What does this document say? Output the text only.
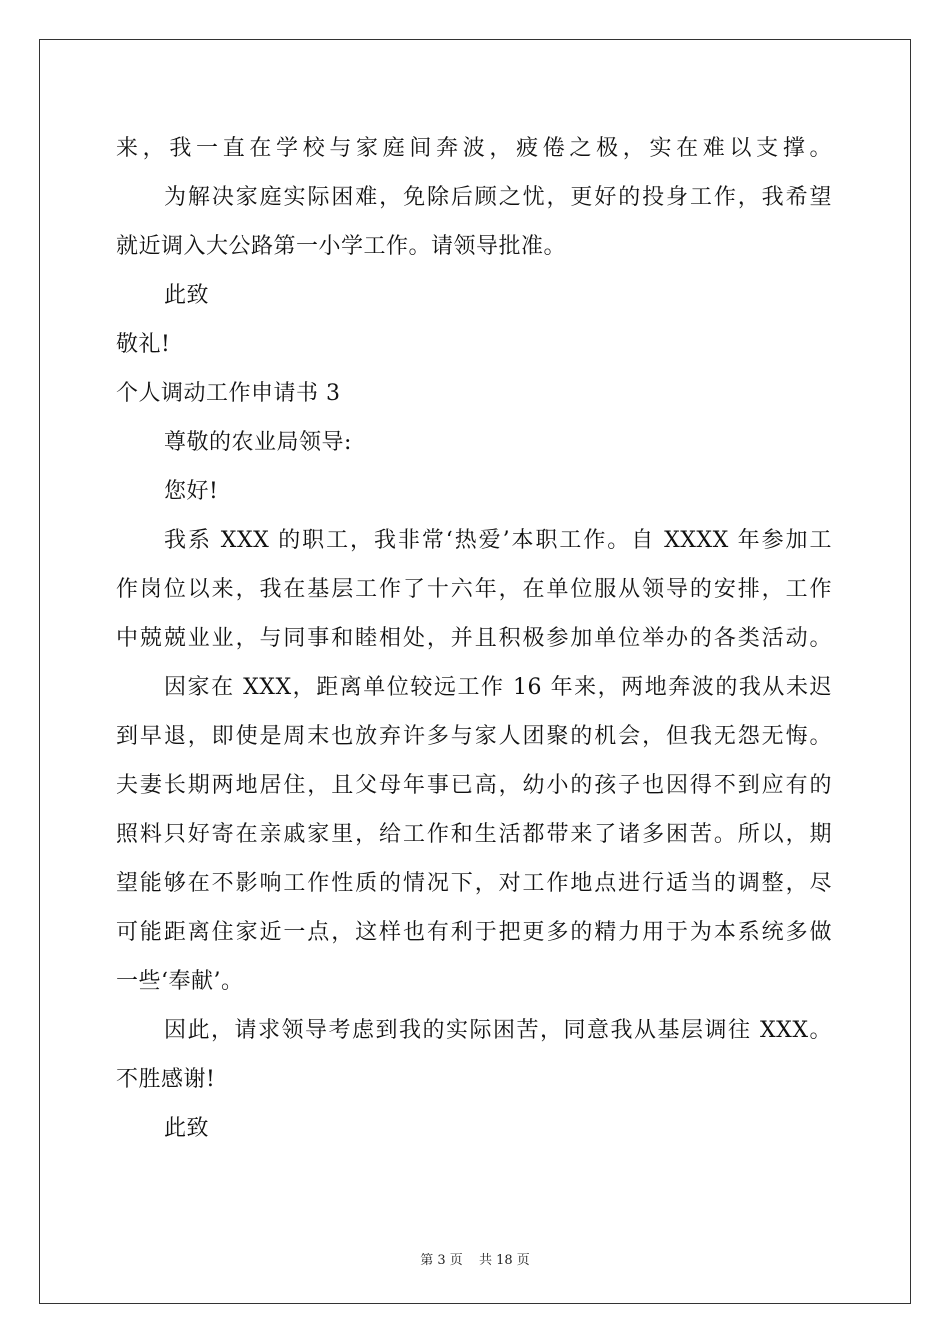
来，我一直在学校与家庭间奔波，疲倦之极，实在难以支撑。
为解决家庭实际困难，免除后顾之忧，更好的投身工作，我希望
就近调入大公路第一小学工作。请领导批准。
此致
敬礼!
个人调动工作申请书 3
尊敬的农业局领导:
您好!
我系 XXX 的职工，我非常‘热爱’本职工作。自 XXXX 年参加工
作岗位以来，我在基层工作了十六年，在单位服从领导的安排，工作
中兢兢业业，与同事和睦相处，并且积极参加单位举办的各类活动。
因家在 XXX，距离单位较远工作 16 年来，两地奔波的我从未迟
到早退，即使是周末也放弃许多与家人团聚的机会，但我无怨无悔。
夫妻长期两地居住，且父母年事已高，幼小的孩子也因得不到应有的
照料只好寄在亲戚家里，给工作和生活都带来了诸多困苦。所以，期
望能够在不影响工作性质的情况下，对工作地点进行适当的调整，尽
可能距离住家近一点，这样也有利于把更多的精力用于为本系统多做
一些‘奉献’。
因此，请求领导考虑到我的实际困苦，同意我从基层调往 XXX。
不胜感谢!
此致
第 3 页 共 18 页
